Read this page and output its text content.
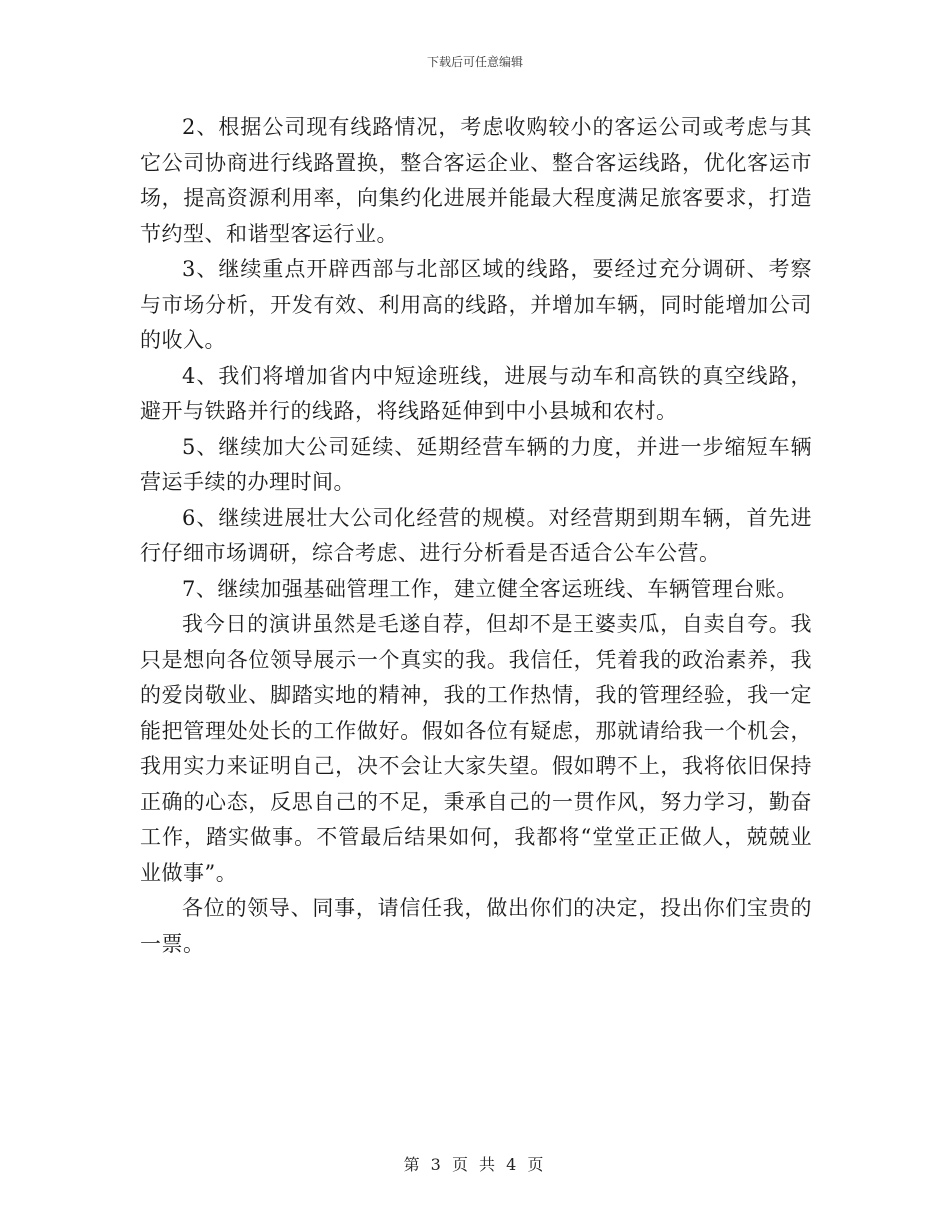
下载后可任意编辑

2、根据公司现有线路情况，考虑收购较小的客运公司或考虑与其它公司协商进行线路置换，整合客运企业、整合客运线路，优化客运市场，提高资源利用率，向集约化进展并能最大程度满足旅客要求，打造节约型、和谐型客运行业。

3、继续重点开辟西部与北部区域的线路，要经过充分调研、考察与市场分析，开发有效、利用高的线路，并增加车辆，同时能增加公司的收入。

4、我们将增加省内中短途班线，进展与动车和高铁的真空线路，避开与铁路并行的线路，将线路延伸到中小县城和农村。

5、继续加大公司延续、延期经营车辆的力度，并进一步缩短车辆营运手续的办理时间。

6、继续进展壮大公司化经营的规模。对经营期到期车辆，首先进行仔细市场调研，综合考虑、进行分析看是否适合公车公营。

7、继续加强基础管理工作，建立健全客运班线、车辆管理台账。

我今日的演讲虽然是毛遂自荐，但却不是王婆卖瓜，自卖自夸。我只是想向各位领导展示一个真实的我。我信任，凭着我的政治素养，我的爱岗敬业、脚踏实地的精神，我的工作热情，我的管理经验，我一定能把管理处处长的工作做好。假如各位有疑虑，那就请给我一个机会，我用实力来证明自己，决不会让大家失望。假如聘不上，我将依旧保持正确的心态，反思自己的不足，秉承自己的一贯作风，努力学习，勤奋工作，踏实做事。不管最后结果如何，我都将“堂堂正正做人，兢兢业业做事”。

各位的领导、同事，请信任我，做出你们的决定，投出你们宝贵的一票。

第 3 页 共 4 页
